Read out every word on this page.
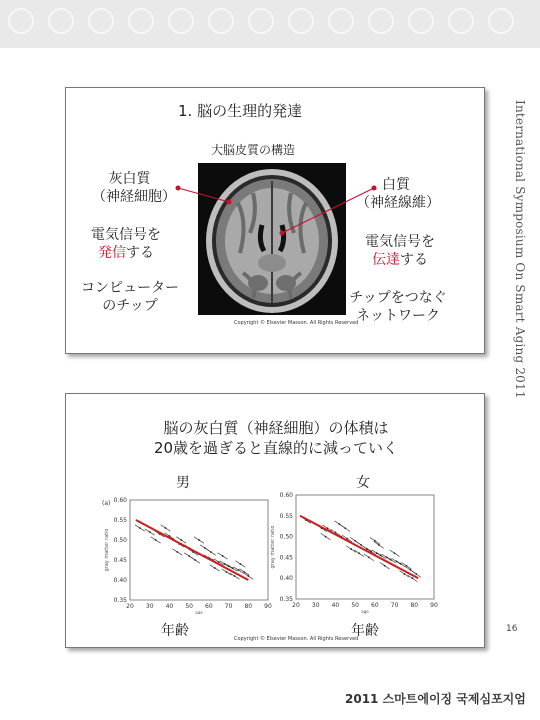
International Symposium On Smart Aging 2011
1. 脳の生理的発達
大脳皮質の構造
灰白質
（神経細胞）
電気信号を
発信する
コンピューター
のチップ
白質
（神経線維）
電気信号を
伝達する
チップをつなぐ
ネットワーク
Copyright © Elsevier Masson. All Rights Reserved
脳の灰白質（神経細胞）の体積は
20歳を過ぎると直線的に減っていく
男	女
(a)
20 30 40 50 60 70 80 90
0.60
0.55
0.50
0.45
0.40
0.35
gray matter ratio
age
20 30 40 50 60 70 80 90
0.60
0.55
0.50
0.45
0.40
0.35
gray matter ratio
age
年齢	年齢
Copyright © Elsevier Masson. All Rights Reserved
16
2011 스마트에이징 국제심포지엄
